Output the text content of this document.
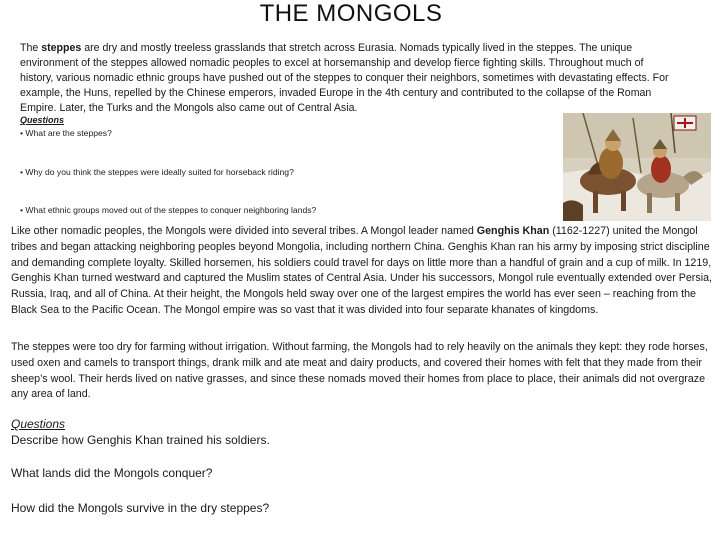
THE MONGOLS
The steppes are dry and mostly treeless grasslands that stretch across Eurasia. Nomads typically lived in the steppes. The unique environment of the steppes allowed nomadic peoples to excel at horsemanship and develop fierce fighting skills. Throughout much of history, various nomadic ethnic groups have pushed out of the steppes to conquer their neighbors, sometimes with devastating effects. For example, the Huns, repelled by the Chinese emperors, invaded Europe in the 4th century and contributed to the collapse of the Roman Empire. Later, the Turks and the Mongols also came out of Central Asia.
Questions
• What are the steppes?
• Why do you think the steppes were ideally suited for horseback riding?
• What ethnic groups moved out of the steppes to conquer neighboring lands?
Like other nomadic peoples, the Mongols were divided into several tribes. A Mongol leader named Genghis Khan (1162-1227) united the Mongol tribes and began attacking neighboring peoples beyond Mongolia, including northern China. Genghis Khan ran his army by imposing strict discipline and demanding complete loyalty. Skilled horsemen, his soldiers could travel for days on little more than a handful of grain and a cup of milk. In 1219, Genghis Khan turned westward and captured the Muslim states of Central Asia. Under his successors, Mongol rule eventually extended over Persia, Russia, Iraq, and all of China. At their height, the Mongols held sway over one of the largest empires the world has ever seen – reaching from the Black Sea to the Pacific Ocean. The Mongol empire was so vast that it was divided into four separate khanates of kingdoms.
The steppes were too dry for farming without irrigation. Without farming, the Mongols had to rely heavily on the animals they kept: they rode horses, used oxen and camels to transport things, drank milk and ate meat and dairy products, and covered their homes with felt that they made from their sheep’s wool. Their herds lived on native grasses, and since these nomads moved their homes from place to place, their animals did not overgraze any area of land.
Questions
Describe how Genghis Khan trained his soldiers.
What lands did the Mongols conquer?
How did the Mongols survive in the dry steppes?
